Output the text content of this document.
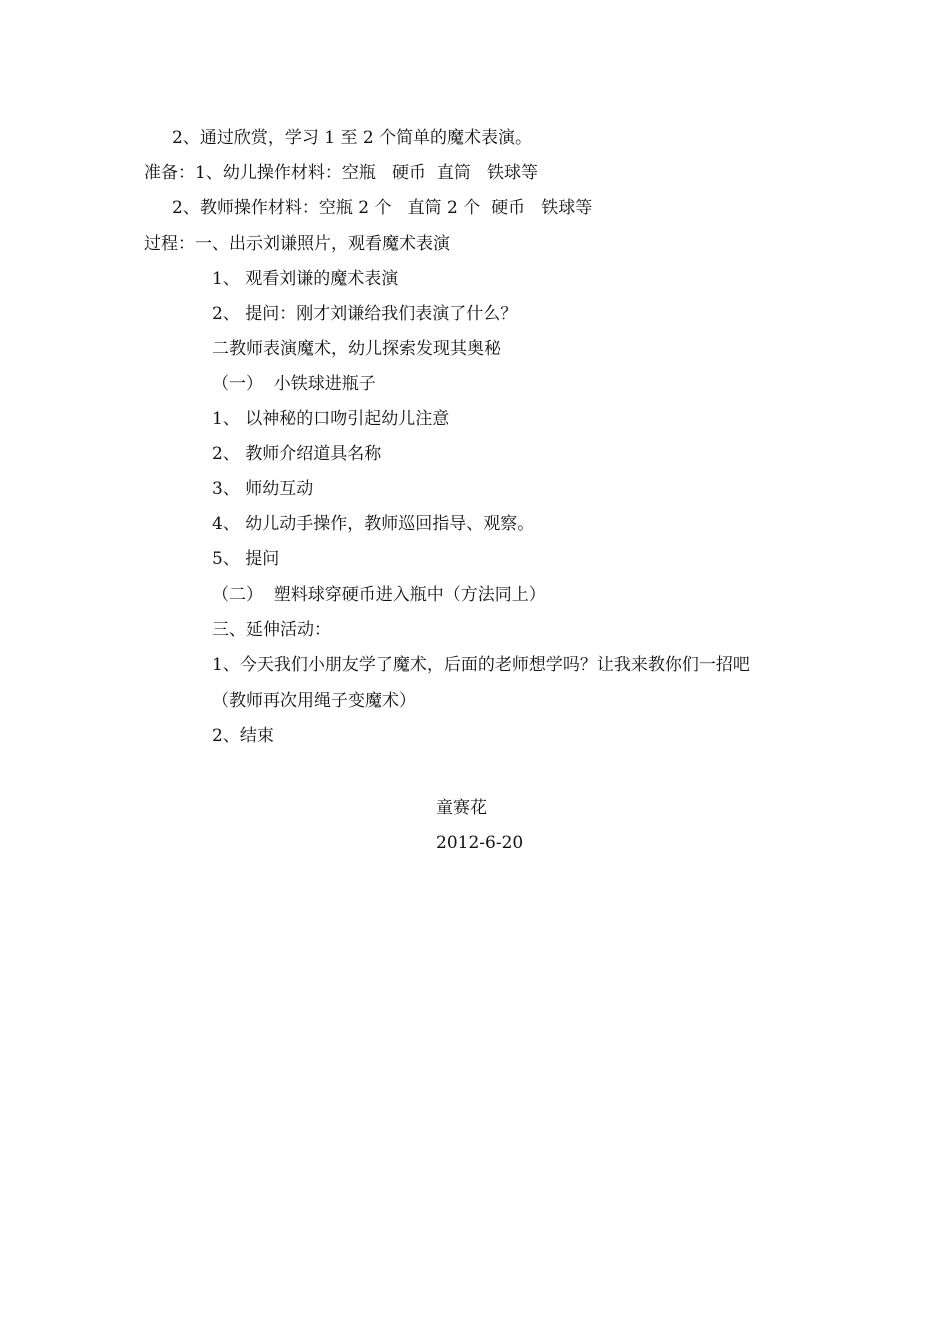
2、通过欣赏，学习 1 至 2 个简单的魔术表演。
准备：1、幼儿操作材料：空瓶   硬币  直筒   铁球等
2、教师操作材料：空瓶 2 个   直筒 2 个  硬币   铁球等
过程：一、出示刘谦照片，观看魔术表演
1、 观看刘谦的魔术表演
2、 提问：刚才刘谦给我们表演了什么？
二教师表演魔术，幼儿探索发现其奥秘
（一）  小铁球进瓶子
1、 以神秘的口吻引起幼儿注意
2、 教师介绍道具名称
3、 师幼互动
4、 幼儿动手操作，教师巡回指导、观察。
5、 提问
（二）  塑料球穿硬币进入瓶中（方法同上）
三、延伸活动：
1、今天我们小朋友学了魔术，后面的老师想学吗？让我来教你们一招吧
（教师再次用绳子变魔术）
2、结束
童赛花
2012-6-20
